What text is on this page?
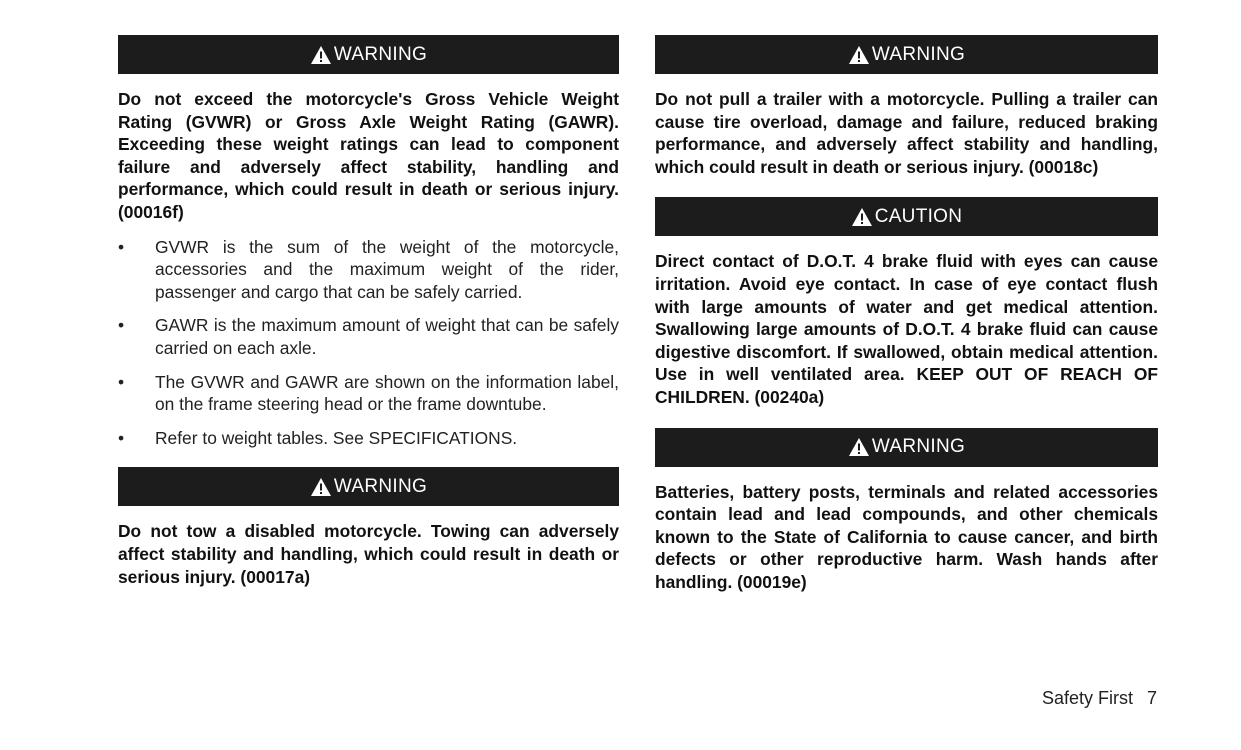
WARNING

Do not exceed the motorcycle's Gross Vehicle Weight Rating (GVWR) or Gross Axle Weight Rating (GAWR). Exceeding these weight ratings can lead to component failure and adversely affect stability, handling and performance, which could result in death or serious injury. (00016f)

• GVWR is the sum of the weight of the motorcycle, accessories and the maximum weight of the rider, passenger and cargo that can be safely carried.
• GAWR is the maximum amount of weight that can be safely carried on each axle.
• The GVWR and GAWR are shown on the information label, on the frame steering head or the frame downtube.
• Refer to weight tables. See SPECIFICATIONS.
WARNING

Do not tow a disabled motorcycle. Towing can adversely affect stability and handling, which could result in death or serious injury. (00017a)

WARNING

Do not pull a trailer with a motorcycle. Pulling a trailer can cause tire overload, damage and failure, reduced braking performance, and adversely affect stability and handling, which could result in death or serious injury. (00018c)

CAUTION

Direct contact of D.O.T. 4 brake fluid with eyes can cause irritation. Avoid eye contact. In case of eye contact flush with large amounts of water and get medical attention. Swallowing large amounts of D.O.T. 4 brake fluid can cause digestive discomfort. If swallowed, obtain medical attention. Use in well ventilated area. KEEP OUT OF REACH OF CHILDREN. (00240a)

WARNING

Batteries, battery posts, terminals and related accessories contain lead and lead compounds, and other chemicals known to the State of California to cause cancer, and birth defects or other reproductive harm. Wash hands after handling. (00019e)

Safety First 7
